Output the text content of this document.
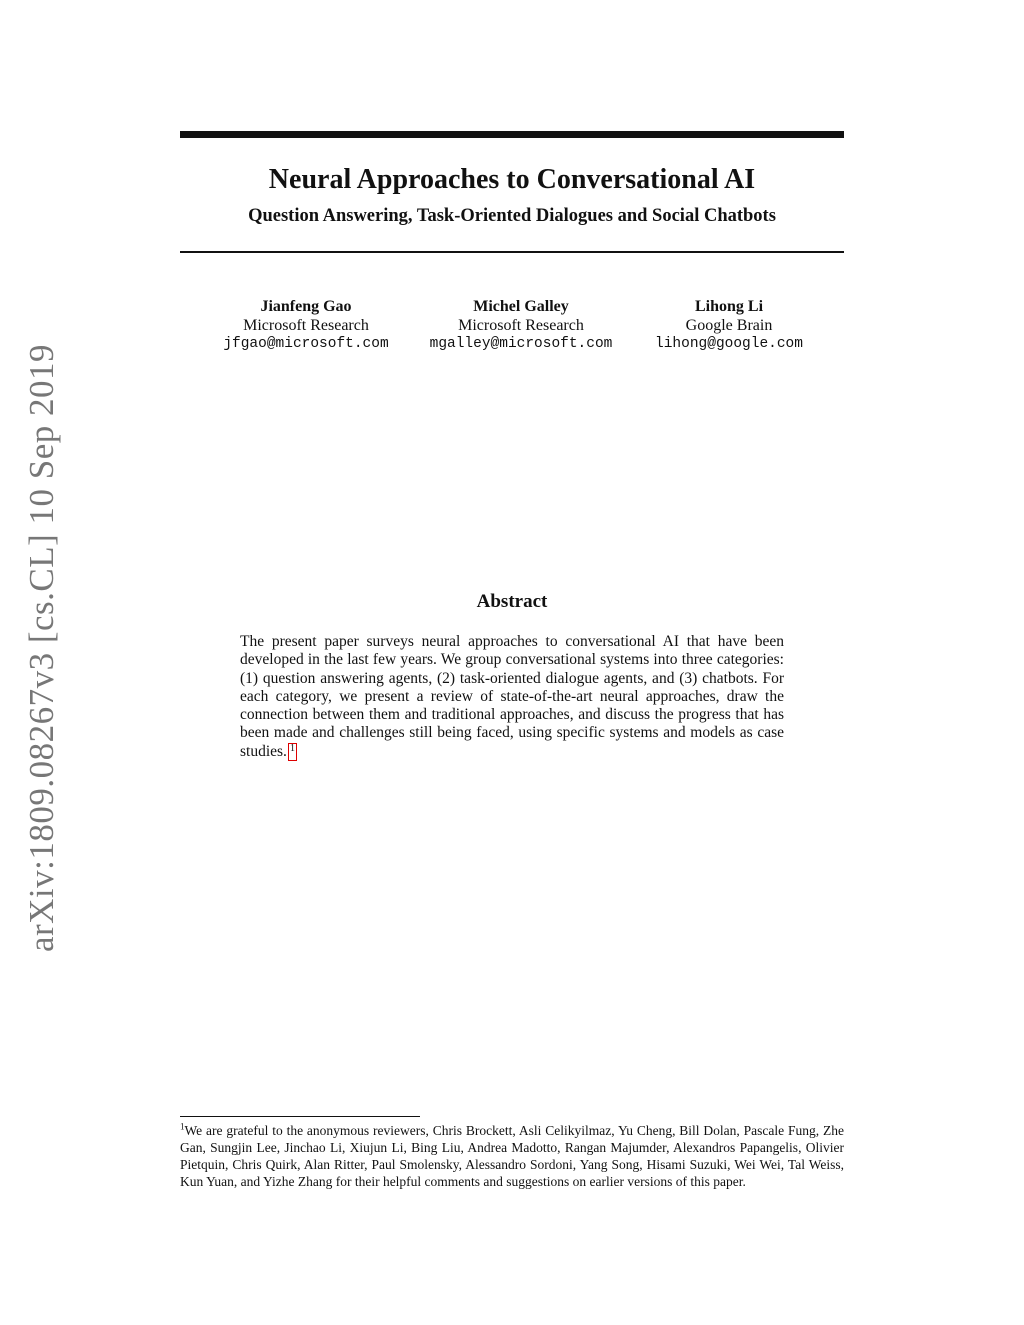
Neural Approaches to Conversational AI
Question Answering, Task-Oriented Dialogues and Social Chatbots
Jianfeng Gao
Microsoft Research
jfgao@microsoft.com
Michel Galley
Microsoft Research
mgalley@microsoft.com
Lihong Li
Google Brain
lihong@google.com
arXiv:1809.08267v3 [cs.CL] 10 Sep 2019	Abstract
The present paper surveys neural approaches to conversational AI that have been developed in the last few years. We group conversational systems into three categories: (1) question answering agents, (2) task-oriented dialogue agents, and (3) chatbots. For each category, we present a review of state-of-the-art neural approaches, draw the connection between them and traditional approaches, and discuss the progress that has been made and challenges still being faced, using specific systems and models as case studies. 1
$^1$We are grateful to the anonymous reviewers, Chris Brockett, Asli Celikyilmaz, Yu Cheng, Bill Dolan, Pascale Fung, Zhe Gan, Sungjin Lee, Jinchao Li, Xiujun Li, Bing Liu, Andrea Madotto, Rangan Majumder, Alexandros Papangelis, Olivier Pietquin, Chris Quirk, Alan Ritter, Paul Smolensky, Alessandro Sordoni, Yang Song, Hisami Suzuki, Wei Wei, Tal Weiss, Kun Yuan, and Yizhe Zhang for their helpful comments and suggestions on earlier versions of this paper.
